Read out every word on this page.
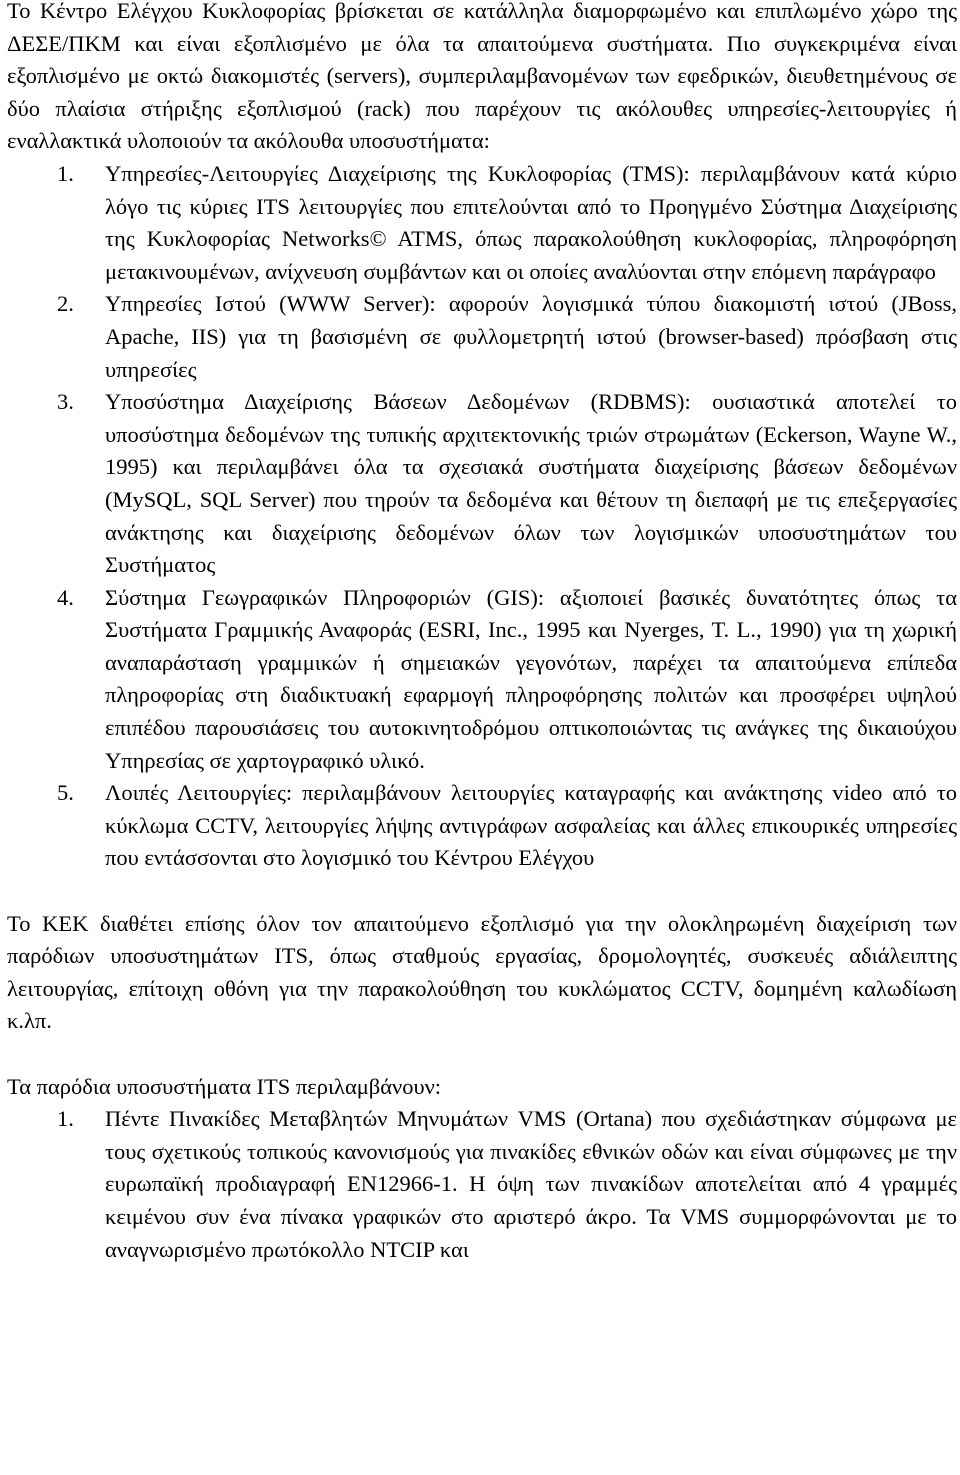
Το Κέντρο Ελέγχου Κυκλοφορίας βρίσκεται σε κατάλληλα διαμορφωμένο και επιπλωμένο χώρο της ΔΕΣΕ/ΠΚΜ και είναι εξοπλισμένο με όλα τα απαιτούμενα συστήματα. Πιο συγκεκριμένα είναι εξοπλισμένο με οκτώ διακομιστές (servers), συμπεριλαμβανομένων των εφεδρικών, διευθετημένους σε δύο πλαίσια στήριξης εξοπλισμού (rack) που παρέχουν τις ακόλουθες υπηρεσίες-λειτουργίες ή εναλλακτικά υλοποιούν τα ακόλουθα υποσυστήματα:

1. Υπηρεσίες-Λειτουργίες Διαχείρισης της Κυκλοφορίας (TMS): περιλαμβάνουν κατά κύριο λόγο τις κύριες ITS λειτουργίες που επιτελούνται από το Προηγμένο Σύστημα Διαχείρισης της Κυκλοφορίας Networks© ATMS, όπως παρακολούθηση κυκλοφορίας, πληροφόρηση μετακινουμένων, ανίχνευση συμβάντων και οι οποίες αναλύονται στην επόμενη παράγραφο
2. Υπηρεσίες Ιστού (WWW Server): αφορούν λογισμικά τύπου διακομιστή ιστού (JBoss, Apache, IIS) για τη βασισμένη σε φυλλομετρητή ιστού (browser-based) πρόσβαση στις υπηρεσίες
3. Υποσύστημα Διαχείρισης Βάσεων Δεδομένων (RDBMS): ουσιαστικά αποτελεί το υποσύστημα δεδομένων της τυπικής αρχιτεκτονικής τριών στρωμάτων (Eckerson, Wayne W., 1995) και περιλαμβάνει όλα τα σχεσιακά συστήματα διαχείρισης βάσεων δεδομένων (MySQL, SQL Server) που τηρούν τα δεδομένα και θέτουν τη διεπαφή με τις επεξεργασίες ανάκτησης και διαχείρισης δεδομένων όλων των λογισμικών υποσυστημάτων του Συστήματος
4. Σύστημα Γεωγραφικών Πληροφοριών (GIS): αξιοποιεί βασικές δυνατότητες όπως τα Συστήματα Γραμμικής Αναφοράς (ESRI, Inc., 1995 και Nyerges, T. L., 1990) για τη χωρική αναπαράσταση γραμμικών ή σημειακών γεγονότων, παρέχει τα απαιτούμενα επίπεδα πληροφορίας στη διαδικτυακή εφαρμογή πληροφόρησης πολιτών και προσφέρει υψηλού επιπέδου παρουσιάσεις του αυτοκινητοδρόμου οπτικοποιώντας τις ανάγκες της δικαιούχου Υπηρεσίας σε χαρτογραφικό υλικό.
5. Λοιπές Λειτουργίες: περιλαμβάνουν λειτουργίες καταγραφής και ανάκτησης video από το κύκλωμα CCTV, λειτουργίες λήψης αντιγράφων ασφαλείας και άλλες επικουρικές υπηρεσίες που εντάσσονται στο λογισμικό του Κέντρου Ελέγχου

Το ΚΕΚ διαθέτει επίσης όλον τον απαιτούμενο εξοπλισμό για την ολοκληρωμένη διαχείριση των παρόδιων υποσυστημάτων ITS, όπως σταθμούς εργασίας, δρομολογητές, συσκευές αδιάλειπτης λειτουργίας, επίτοιχη οθόνη για την παρακολούθηση του κυκλώματος CCTV, δομημένη καλωδίωση κ.λπ.

Τα παρόδια υποσυστήματα ITS περιλαμβάνουν:

1. Πέντε Πινακίδες Μεταβλητών Μηνυμάτων VMS (Ortana) που σχεδιάστηκαν σύμφωνα με τους σχετικούς τοπικούς κανονισμούς για πινακίδες εθνικών οδών και είναι σύμφωνες με την ευρωπαϊκή προδιαγραφή EN12966-1. Η όψη των πινακίδων αποτελείται από 4 γραμμές κειμένου συν ένα πίνακα γραφικών στο αριστερό άκρο. Τα VMS συμμορφώνονται με το αναγνωρισμένο πρωτόκολλο NTCIP και
